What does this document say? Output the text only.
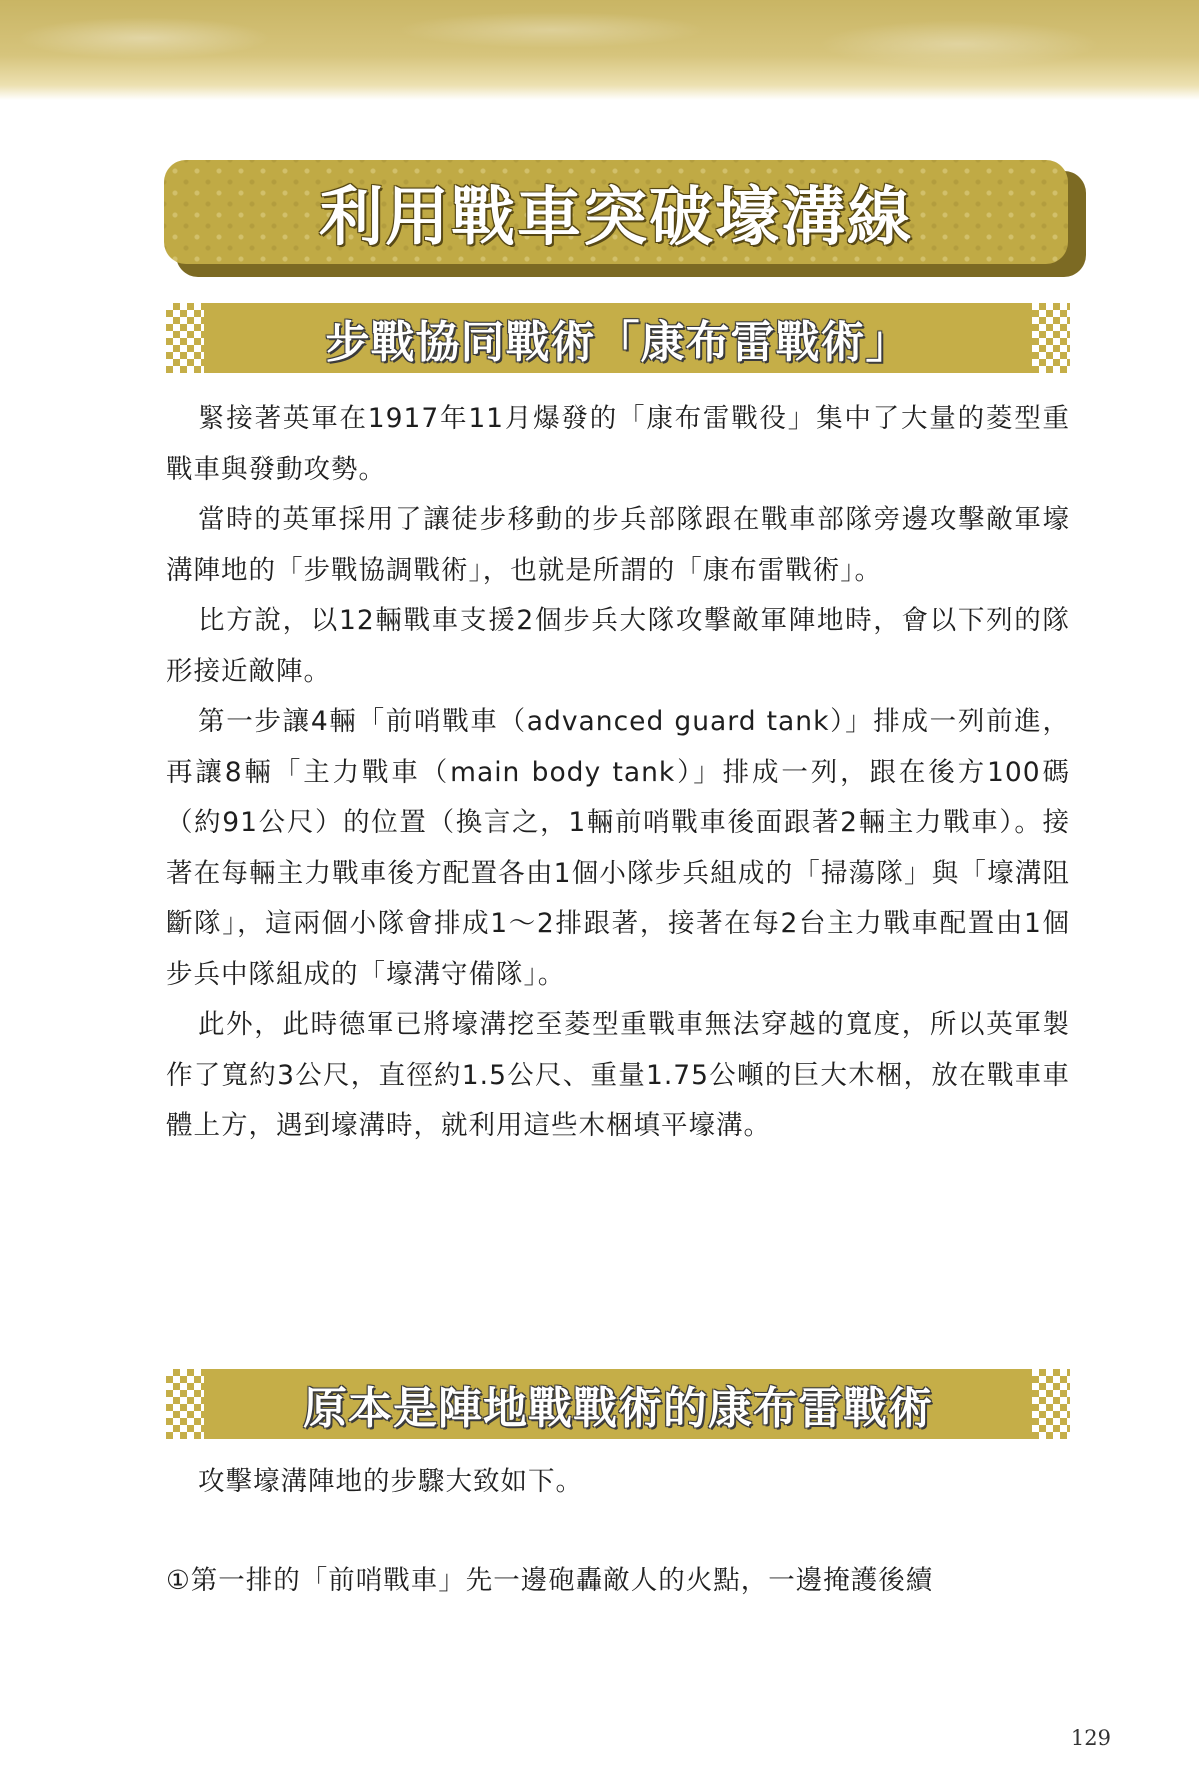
利用戰車突破壕溝線
步戰協同戰術「康布雷戰術」

緊接著英軍在1917年11月爆發的「康布雷戰役」集中了大量的菱型重戰車與發動攻勢。

當時的英軍採用了讓徒步移動的步兵部隊跟在戰車部隊旁邊攻擊敵軍壕溝陣地的「步戰協調戰術」，也就是所謂的「康布雷戰術」。

比方說，以12輛戰車支援2個步兵大隊攻擊敵軍陣地時，會以下列的隊形接近敵陣。

第一步讓4輛「前哨戰車（advanced guard tank）」排成一列前進，再讓8輛「主力戰車（main body tank）」排成一列，跟在後方100碼（約91公尺）的位置（換言之，1輛前哨戰車後面跟著2輛主力戰車）。接著在每輛主力戰車後方配置各由1個小隊步兵組成的「掃蕩隊」與「壕溝阻斷隊」，這兩個小隊會排成1～2排跟著，接著在每2台主力戰車配置由1個步兵中隊組成的「壕溝守備隊」。

此外，此時德軍已將壕溝挖至菱型重戰車無法穿越的寬度，所以英軍製作了寬約3公尺，直徑約1.5公尺、重量1.75公噸的巨大木梱，放在戰車車體上方，遇到壕溝時，就利用這些木梱填平壕溝。

原本是陣地戰戰術的康布雷戰術

攻擊壕溝陣地的步驟大致如下。

①第一排的「前哨戰車」先一邊砲轟敵人的火點，一邊掩護後續

129
